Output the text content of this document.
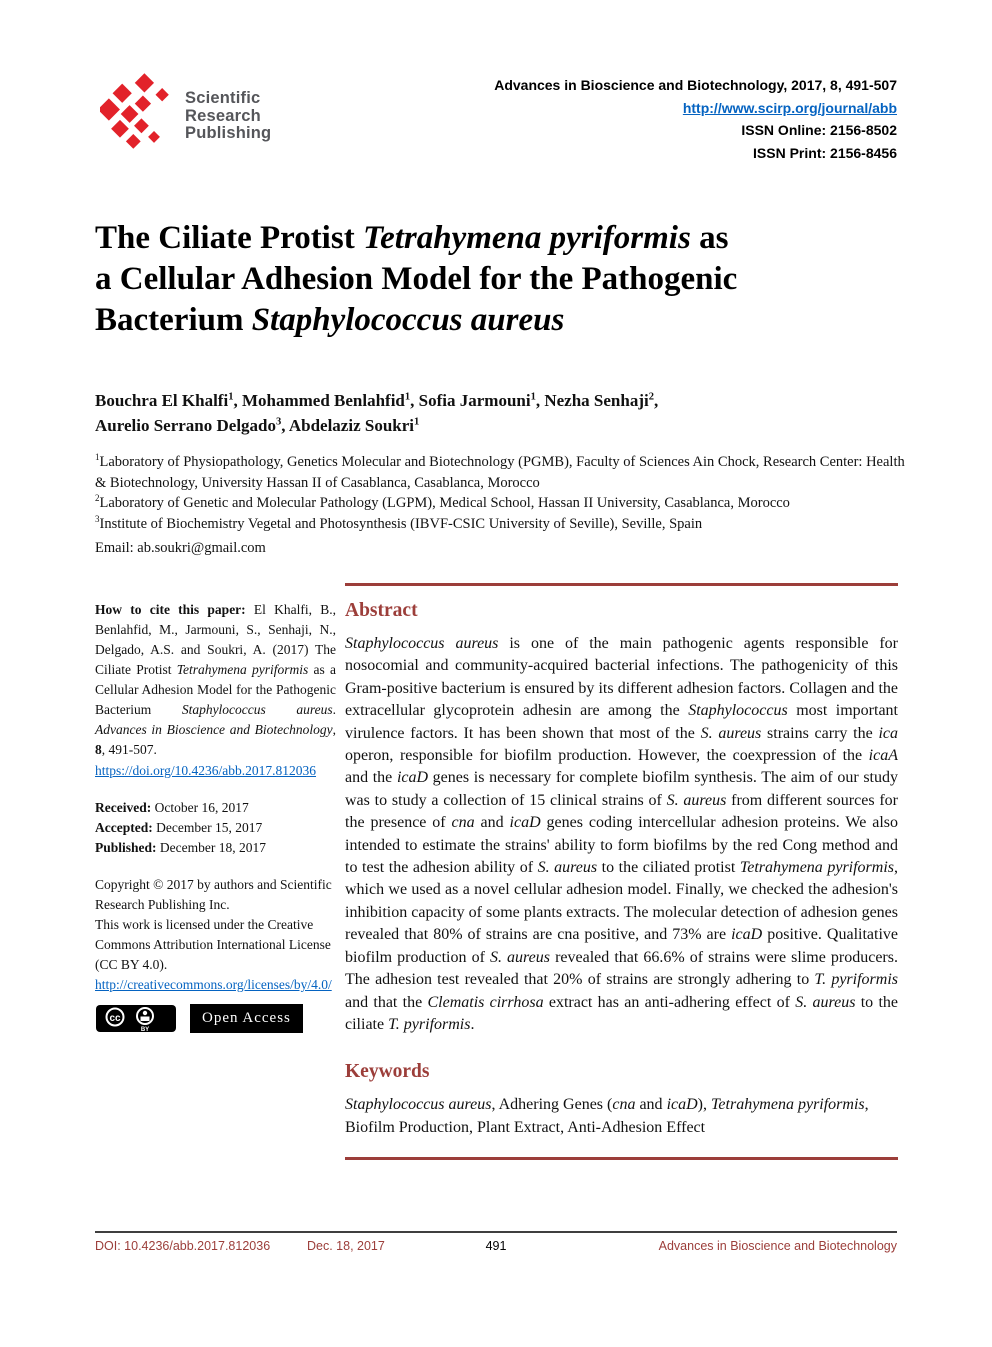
Scientific
Research
Publishing
Advances in Bioscience and Biotechnology, 2017, 8, 491-507
http://www.scirp.org/journal/abb
ISSN Online: 2156-8502
ISSN Print: 2156-8456
The Ciliate Protist Tetrahymena pyriformis as
a Cellular Adhesion Model for the Pathogenic
Bacterium Staphylococcus aureus
Bouchra El Khalfi$^1$, Mohammed Benlahfid$^1$, Sofia Jarmouni$^1$, Nezha Senhaji$^2$,
Aurelio Serrano Delgado$^3$, Abdelaziz Soukri$^1$

$^1$Laboratory of Physiopathology, Genetics Molecular and Biotechnology (PGMB), Faculty of Sciences Ain Chock, Research Center: Health & Biotechnology, University Hassan II of Casablanca, Casablanca, Morocco

$^2$Laboratory of Genetic and Molecular Pathology (LGPM), Medical School, Hassan II University, Casablanca, Morocco

$^3$Institute of Biochemistry Vegetal and Photosynthesis (IBVF-CSIC University of Seville), Seville, Spain

Email: ab.soukri@gmail.com

How to cite this paper: El Khalfi, B., Benlahfid, M., Jarmouni, S., Senhaji, N., Delgado, A.S. and Soukri, A. (2017) The Ciliate Protist Tetrahymena pyriformis as a Cellular Adhesion Model for the Pathogenic Bacterium Staphylococcus aureus. Advances in Bioscience and Biotechnology, 8, 491-507.

https://doi.org/10.4236/abb.2017.812036
Received: October 16, 2017
Accepted: December 15, 2017
Published: December 18, 2017

Copyright © 2017 by authors and Scientific Research Publishing Inc.

This work is licensed under the Creative Commons Attribution International License (CC BY 4.0).

http://creativecommons.org/licenses/by/4.0/
cc
BY
Open Access
Abstract

Staphylococcus aureus is one of the main pathogenic agents responsible for nosocomial and community-acquired bacterial infections. The pathogenicity of this Gram-positive bacterium is ensured by its different adhesion factors. Collagen and the extracellular glycoprotein adhesin are among the Staphylococcus most important virulence factors. It has been shown that most of the S. aureus strains carry the ica operon, responsible for biofilm production. However, the coexpression of the icaA and the icaD genes is necessary for complete biofilm synthesis. The aim of our study was to study a collection of 15 clinical strains of S. aureus from different sources for the presence of cna and icaD genes coding intercellular adhesion proteins. We also intended to estimate the strains' ability to form biofilms by the red Cong method and to test the adhesion ability of S. aureus to the ciliated protist Tetrahymena pyriformis, which we used as a novel cellular adhesion model. Finally, we checked the adhesion's inhibition capacity of some plants extracts. The molecular detection of adhesion genes revealed that 80% of strains are cna positive, and 73% are icaD positive. Qualitative biofilm production of S. aureus revealed that 66.6% of strains were slime producers. The adhesion test revealed that 20% of strains are strongly adhering to T. pyriformis and that the Clematis cirrhosa extract has an anti-adhering effect of S. aureus to the ciliate T. pyriformis.

Keywords

Staphylococcus aureus, Adhering Genes (cna and icaD), Tetrahymena pyriformis, Biofilm Production, Plant Extract, Anti-Adhesion Effect

DOI: 10.4236/abb.2017.812036	Dec. 18, 2017	491	Advances in Bioscience and Biotechnology
